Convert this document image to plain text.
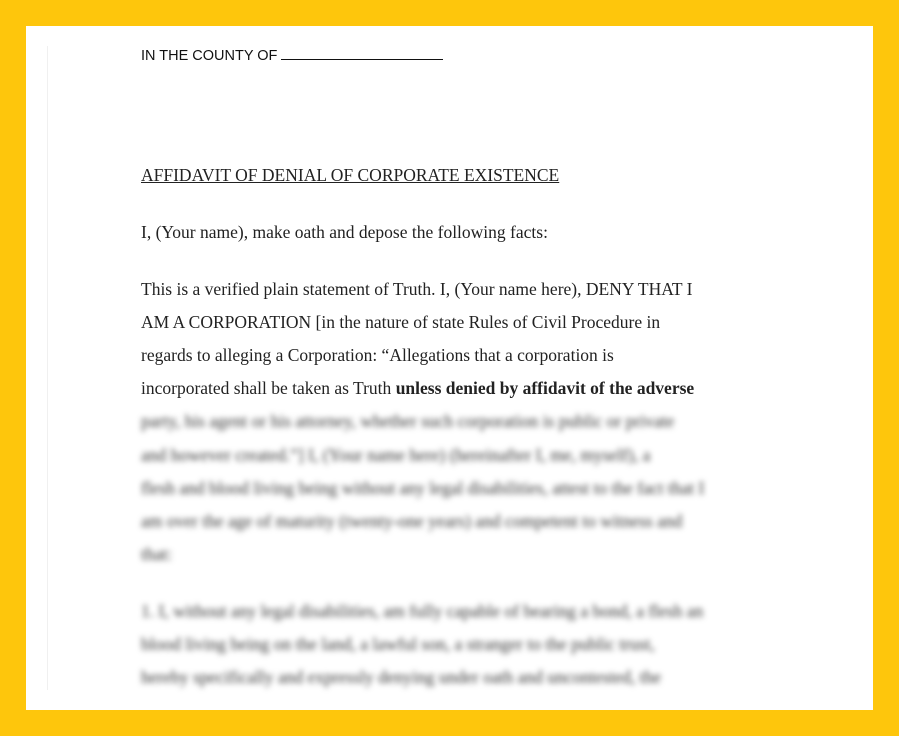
IN THE COUNTY OF
AFFIDAVIT OF DENIAL OF CORPORATE EXISTENCE
I, (Your name), make oath and depose the following facts:
This is a verified plain statement of Truth. I, (Your name here), DENY THAT I
AM A CORPORATION [in the nature of state Rules of Civil Procedure in
regards to alleging a Corporation: “Allegations that a corporation is
incorporated shall be taken as Truth unless denied by affidavit of the adverse
party, his agent or his attorney, whether such corporation is public or private
and however created.”] I, (Your name here) (hereinafter I, me, myself), a
flesh and blood living being without any legal disabilities, attest to the fact that I
am over the age of maturity (twenty-one years) and competent to witness and
that:
1. I, without any legal disabilities, am fully capable of bearing a bond, a flesh an
blood living being on the land, a lawful son, a stranger to the public trust,
hereby specifically and expressly denying under oath and uncontested, the
